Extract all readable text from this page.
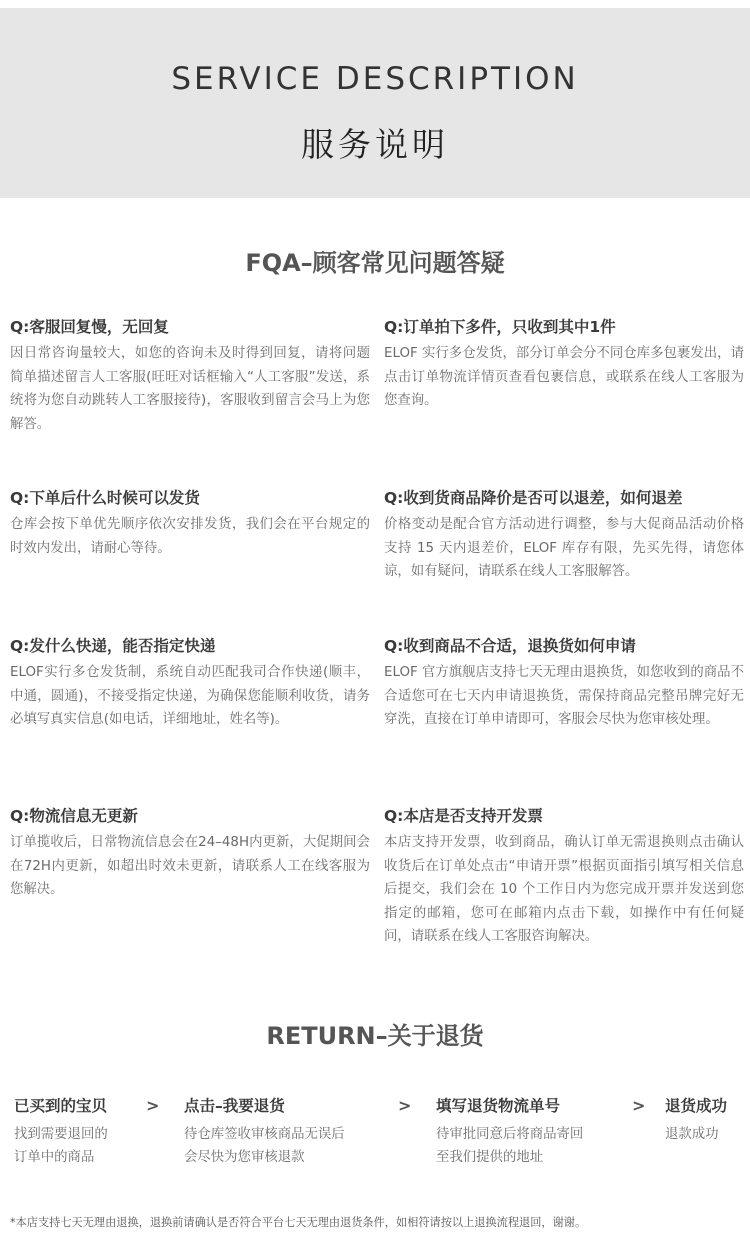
SERVICE DESCRIPTION
服务说明
FQA–顾客常见问题答疑
Q:客服回复慢，无回复
因日常咨询量较大，如您的咨询未及时得到回复，请将问题简单描述留言人工客服(旺旺对话框输入“人工客服”发送，系统将为您自动跳转人工客服接待)，客服收到留言会马上为您解答。
Q:订单拍下多件，只收到其中1件
ELOF 实行多仓发货，部分订单会分不同仓库多包裹发出，请点击订单物流详情页查看包裹信息，或联系在线人工客服为您查询。
Q:下单后什么时候可以发货
仓库会按下单优先顺序依次安排发货，我们会在平台规定的时效内发出，请耐心等待。
Q:收到货商品降价是否可以退差，如何退差
价格变动是配合官方活动进行调整，参与大促商品活动价格支持 15 天内退差价，ELOF 库存有限，先买先得，请您体谅，如有疑问，请联系在线人工客服解答。
Q:发什么快递，能否指定快递
ELOF实行多仓发货制，系统自动匹配我司合作快递(顺丰，中通，圆通)，不接受指定快递，为确保您能顺利收货，请务必填写真实信息(如电话，详细地址，姓名等)。
Q:收到商品不合适，退换货如何申请
ELOF 官方旗舰店支持七天无理由退换货，如您收到的商品不合适您可在七天内申请退换货，需保持商品完整吊牌完好无穿洗，直接在订单申请即可，客服会尽快为您审核处理。
Q:物流信息无更新
订单揽收后，日常物流信息会在24–48H内更新，大促期间会在72H内更新，如超出时效未更新，请联系人工在线客服为您解决。
Q:本店是否支持开发票
本店支持开发票，收到商品，确认订单无需退换则点击确认收货后在订单处点击“申请开票”根据页面指引填写相关信息后提交，我们会在 10 个工作日内为您完成开票并发送到您指定的邮箱，您可在邮箱内点击下载，如操作中有任何疑问，请联系在线人工客服咨询解决。
RETURN–关于退货
已买到的宝贝
找到需要退回的
订单中的商品
> 点击–我要退货
待仓库签收审核商品无误后
会尽快为您审核退款
> 填写退货物流单号
待审批同意后将商品寄回
至我们提供的地址
> 退货成功
退款成功
*本店支持七天无理由退换，退换前请确认是否符合平台七天无理由退货条件，如相符请按以上退换流程退回，谢谢。
